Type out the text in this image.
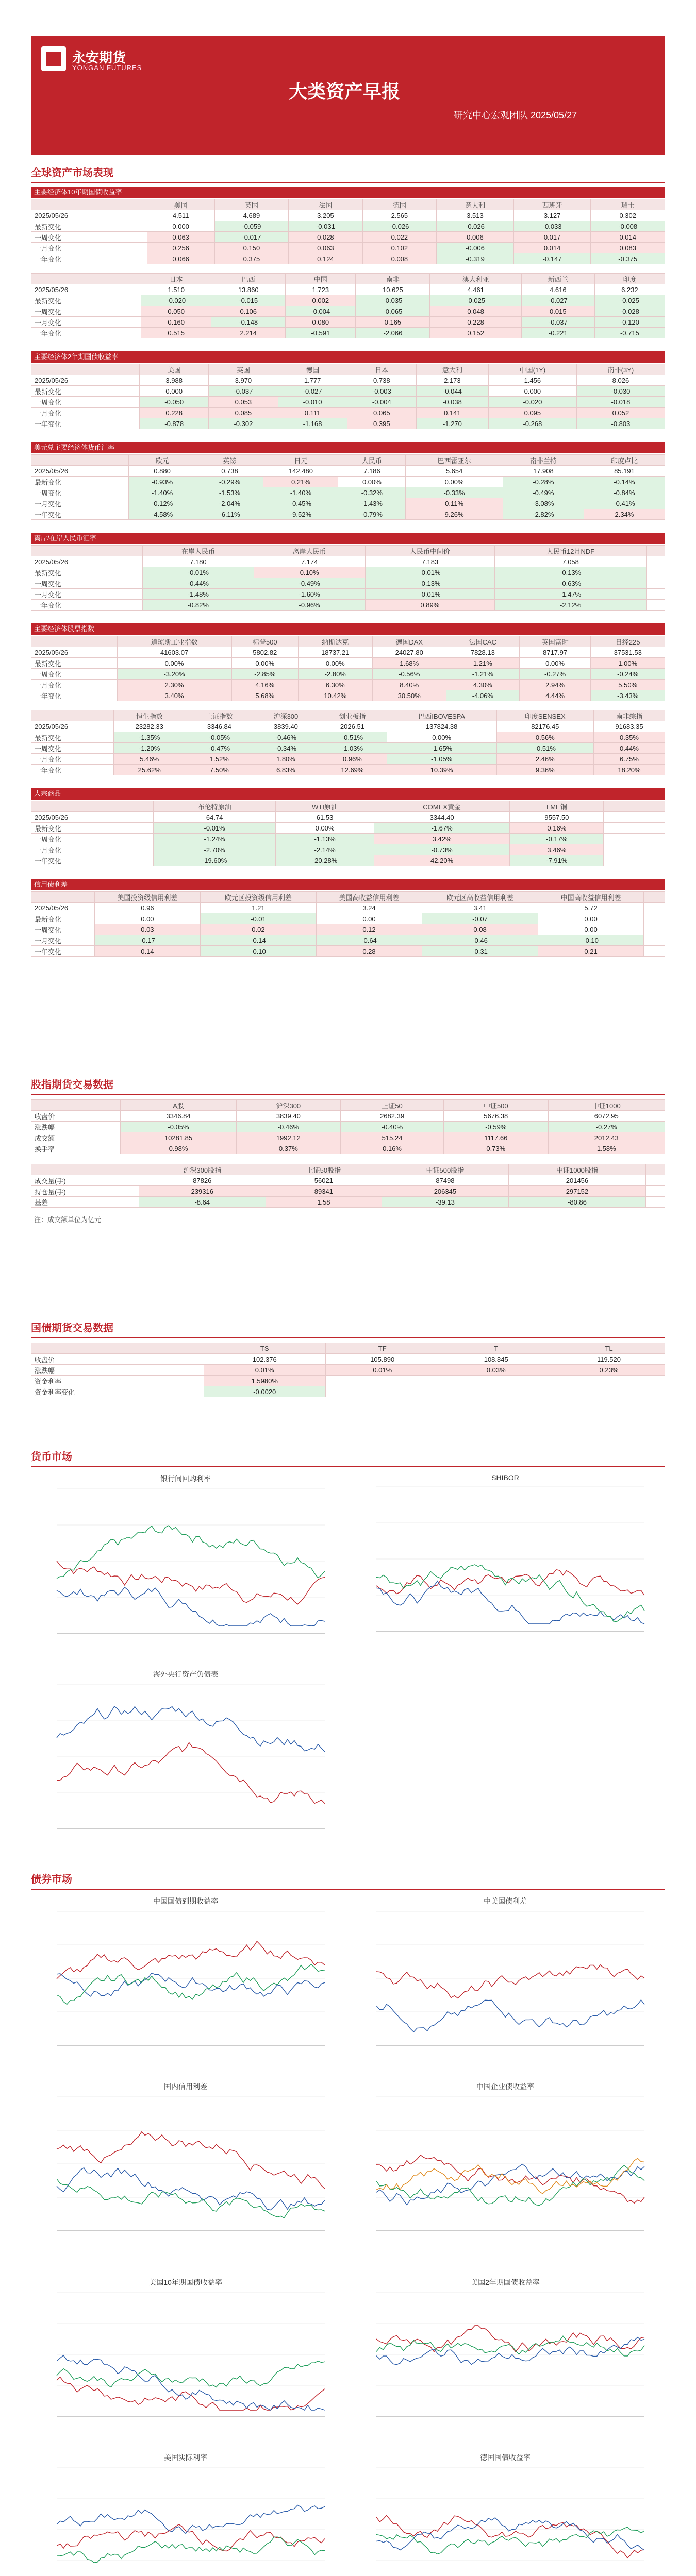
永安期货
YONGAN FUTURES
大类资产早报
研究中心宏观团队 2025/05/27
全球资产市场表现
主要经济体10年期国债收益率
	美国	英国	法国	德国	意大利	西班牙	瑞士
2025/05/26	4.511	4.689	3.205	2.565	3.513	3.127	0.302
最新变化	0.000	-0.059	-0.031	-0.026	-0.026	-0.033	-0.008
一周变化	0.063	-0.017	0.028	0.022	0.006	0.017	0.014
一月变化	0.256	0.150	0.063	0.102	-0.006	0.014	0.083
一年变化	0.066	0.375	0.124	0.008	-0.319	-0.147	-0.375
	日本	巴西	中国	南非	澳大利亚	新西兰	印度
2025/05/26	1.510	13.860	1.723	10.625	4.461	4.616	6.232
最新变化	-0.020	-0.015	0.002	-0.035	-0.025	-0.027	-0.025
一周变化	0.050	0.106	-0.004	-0.065	0.048	0.015	-0.028
一月变化	0.160	-0.148	0.080	0.165	0.228	-0.037	-0.120
一年变化	0.515	2.214	-0.591	-2.066	0.152	-0.221	-0.715
主要经济体2年期国债收益率
	美国	英国	德国	日本	意大利	中国(1Y)	南非(3Y)
2025/05/26	3.988	3.970	1.777	0.738	2.173	1.456	8.026
最新变化	0.000	-0.037	-0.027	-0.003	-0.044	0.000	-0.030
一周变化	-0.050	0.053	-0.010	-0.004	-0.038	-0.020	-0.018
一月变化	0.228	0.085	0.111	0.065	0.141	0.095	0.052
一年变化	-0.878	-0.302	-1.168	0.395	-1.270	-0.268	-0.803
美元兑主要经济体货币汇率
	欧元	英镑	日元	人民币	巴西雷亚尔	南非兰特	印度卢比
2025/05/26	0.880	0.738	142.480	7.186	5.654	17.908	85.191
最新变化	-0.93%	-0.29%	0.21%	0.00%	0.00%	-0.28%	-0.14%
一周变化	-1.40%	-1.53%	-1.40%	-0.32%	-0.33%	-0.49%	-0.84%
一月变化	-0.12%	-2.04%	-0.45%	-1.43%	0.11%	-3.08%	-0.41%
一年变化	-4.58%	-6.11%	-9.52%	-0.79%	9.26%	-2.82%	2.34%
离岸/在岸人民币汇率
	在岸人民币	离岸人民币	人民币中间价	人民币12月NDF	
2025/05/26	7.180	7.174	7.183	7.058	
最新变化	-0.01%	0.10%	-0.01%	-0.13%	
一周变化	-0.44%	-0.49%	-0.13%	-0.63%	
一月变化	-1.48%	-1.60%	-0.01%	-1.47%	
一年变化	-0.82%	-0.96%	0.89%	-2.12%	
主要经济体股票指数
	道琼斯工业指数	标普500	纳斯达克	德国DAX	法国CAC	英国富时	日经225
2025/05/26	41603.07	5802.82	18737.21	24027.80	7828.13	8717.97	37531.53
最新变化	0.00%	0.00%	0.00%	1.68%	1.21%	0.00%	1.00%
一周变化	-3.20%	-2.85%	-2.80%	-0.56%	-1.21%	-0.27%	-0.24%
一月变化	2.30%	4.16%	6.30%	8.40%	4.30%	2.94%	5.50%
一年变化	3.40%	5.68%	10.42%	30.50%	-4.06%	4.44%	-3.43%
	恒生指数	上证指数	沪深300	创业板指	巴西IBOVESPA	印度SENSEX	南非综指
2025/05/26	23282.33	3346.84	3839.40	2026.51	137824.38	82176.45	91683.35
最新变化	-1.35%	-0.05%	-0.46%	-0.51%	0.00%	0.56%	0.35%
一周变化	-1.20%	-0.47%	-0.34%	-1.03%	-1.65%	-0.51%	0.44%
一月变化	5.46%	1.52%	1.80%	0.96%	-1.05%	2.46%	6.75%
一年变化	25.62%	7.50%	6.83%	12.69%	10.39%	9.36%	18.20%
大宗商品
	布伦特原油	WTI原油	COMEX黄金	LME铜			
2025/05/26	64.74	61.53	3344.40	9557.50			
最新变化	-0.01%	0.00%	-1.67%	0.16%			
一周变化	-1.24%	-1.13%	3.42%	-0.17%			
一月变化	-2.70%	-2.14%	-0.73%	3.46%			
一年变化	-19.60%	-20.28%	42.20%	-7.91%			
信用债利差
	美国投资级信用利差	欧元区投资级信用利差	美国高收益信用利差	欧元区高收益信用利差	中国高收益信用利差		
2025/05/26	0.96	1.21	3.24	3.41	5.72		
最新变化	0.00	-0.01	0.00	-0.07	0.00		
一周变化	0.03	0.02	0.12	0.08	0.00		
一月变化	-0.17	-0.14	-0.64	-0.46	-0.10		
一年变化	0.14	-0.10	0.28	-0.31	0.21		
	A股	沪深300	上证50	中证500	中证1000
收盘价	3346.84	3839.40	2682.39	5676.38	6072.95
涨跌幅	-0.05%	-0.46%	-0.40%	-0.59%	-0.27%
成交额	10281.85	1992.12	515.24	1117.66	2012.43
换手率	0.98%	0.37%	0.16%	0.73%	1.58%
	沪深300股指	上证50股指	中证500股指	中证1000股指	
成交量(手)	87826	56021	87498	201456	
持仓量(手)	239316	89341	206345	297152	
基差	-8.64	1.58	-39.13	-80.86	
注：成交额单位为亿元
	TS	TF	T	TL
收盘价	102.376	105.890	108.845	119.520
涨跌幅	0.01%	0.01%	0.03%	0.23%
资金利率	1.5980%			
资金利率变化	-0.0020			
股指期货交易数据
国债期货交易数据
货币市场
债券市场
银行间回购利率	SHIBOR
海外央行资产负债表
中国国债到期收益率	中美国债利差
国内信用利差	中国企业债收益率
美国10年期国债收益率	美国2年期国债收益率
美国实际利率	德国国债收益率
